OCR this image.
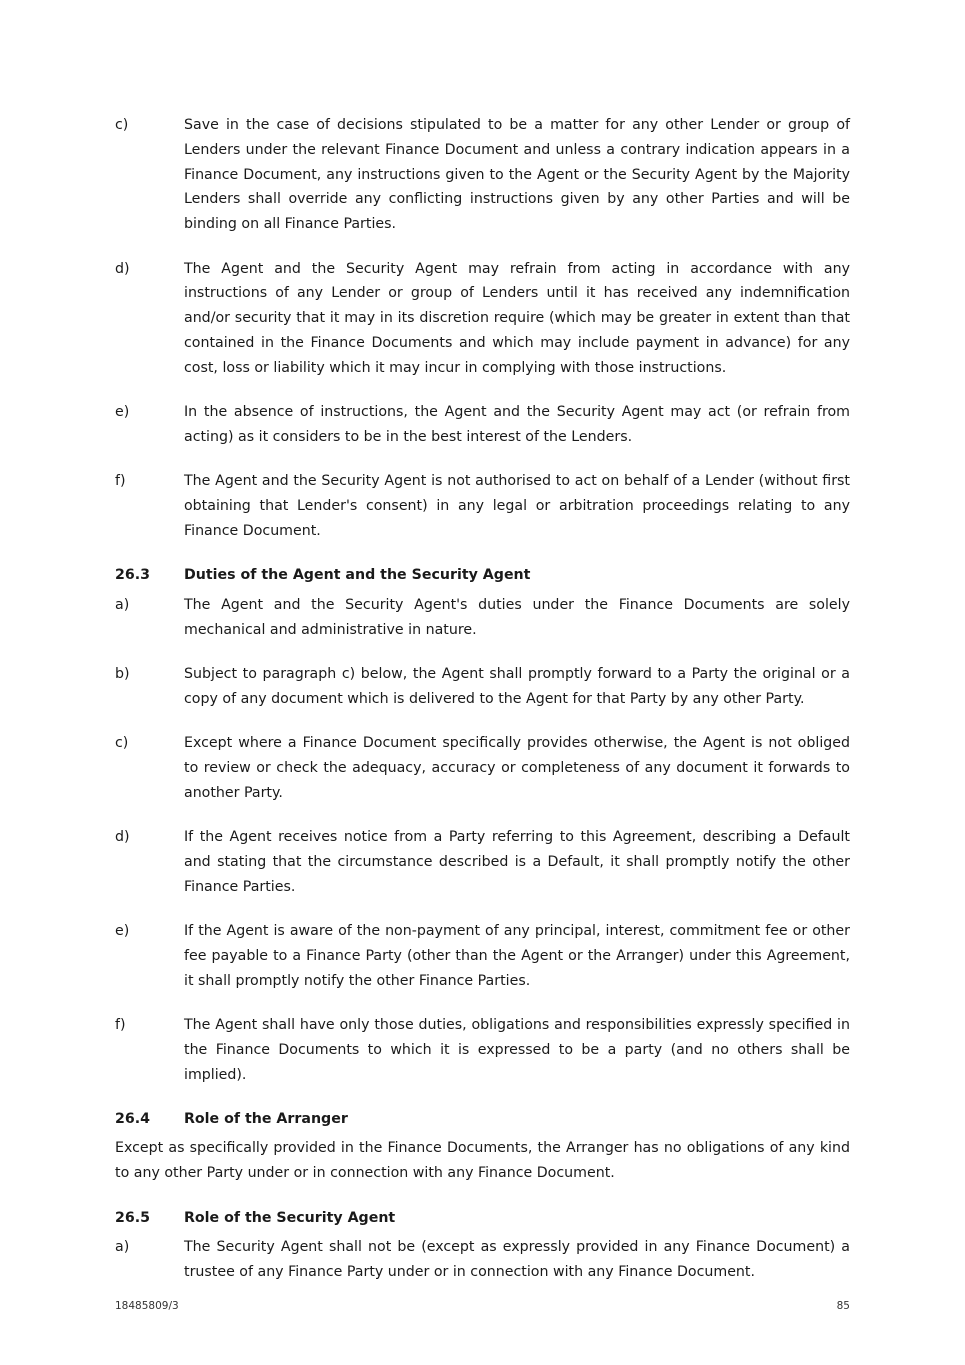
c)	Save in the case of decisions stipulated to be a matter for any other Lender or group of Lenders under the relevant Finance Document and unless a contrary indication appears in a Finance Document, any instructions given to the Agent or the Security Agent by the Majority Lenders shall override any conflicting instructions given by any other Parties and will be binding on all Finance Parties.

d)	The Agent and the Security Agent may refrain from acting in accordance with any instructions of any Lender or group of Lenders until it has received any indemnification and/or security that it may in its discretion require (which may be greater in extent than that contained in the Finance Documents and which may include payment in advance) for any cost, loss or liability which it may incur in complying with those instructions.

e)	In the absence of instructions, the Agent and the Security Agent may act (or refrain from acting) as it considers to be in the best interest of the Lenders.

f)	The Agent and the Security Agent is not authorised to act on behalf of a Lender (without first obtaining that Lender's consent) in any legal or arbitration proceedings relating to any Finance Document.

26.3	Duties of the Agent and the Security Agent
a)	The Agent and the Security Agent's duties under the Finance Documents are solely mechanical and administrative in nature.

b)	Subject to paragraph c) below, the Agent shall promptly forward to a Party the original or a copy of any document which is delivered to the Agent for that Party by any other Party.

c)	Except where a Finance Document specifically provides otherwise, the Agent is not obliged to review or check the adequacy, accuracy or completeness of any document it forwards to another Party.

d)	If the Agent receives notice from a Party referring to this Agreement, describing a Default and stating that the circumstance described is a Default, it shall promptly notify the other Finance Parties.

e)	If the Agent is aware of the non-payment of any principal, interest, commitment fee or other fee payable to a Finance Party (other than the Agent or the Arranger) under this Agreement, it shall promptly notify the other Finance Parties.

f)	The Agent shall have only those duties, obligations and responsibilities expressly specified in the Finance Documents to which it is expressed to be a party (and no others shall be implied).

26.4	Role of the Arranger

Except as specifically provided in the Finance Documents, the Arranger has no obligations of any kind to any other Party under or in connection with any Finance Document.

26.5	Role of the Security Agent
a)	The Security Agent shall not be (except as expressly provided in any Finance Document) a trustee of any Finance Party under or in connection with any Finance Document.

18485809/3	85
